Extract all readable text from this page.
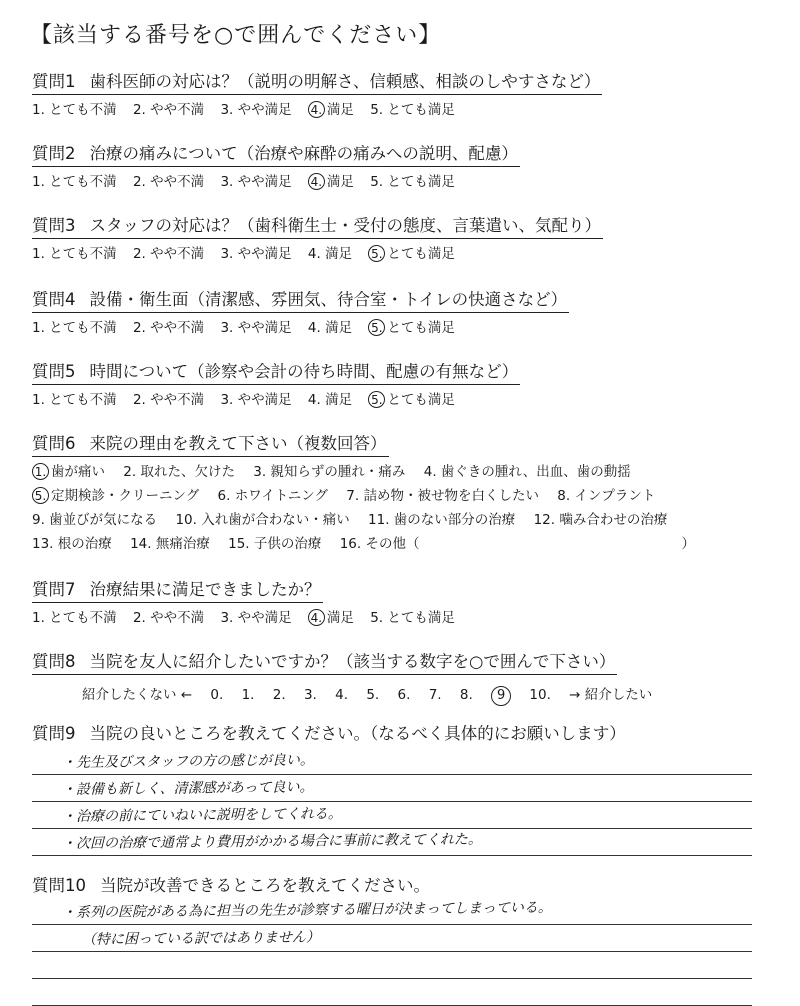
【該当する番号を○で囲んでください】
質問1 歯科医師の対応は？（説明の明解さ、信頼感、相談のしやすさなど）
1. とても不満 2. やや不満 3. やや満足 4. 満足 5. とても満足
質問2 治療の痛みについて（治療や麻酔の痛みへの説明、配慮）
1. とても不満 2. やや不満 3. やや満足 4. 満足 5. とても満足
質問3 スタッフの対応は？（歯科衛生士・受付の態度、言葉遣い、気配り）
1. とても不満 2. やや不満 3. やや満足 4. 満足 5. とても満足
質問4 設備・衛生面（清潔感、雰囲気、待合室・トイレの快適さなど）
1. とても不満 2. やや不満 3. やや満足 4. 満足 5. とても満足
質問5 時間について（診察や会計の待ち時間、配慮の有無など）
1. とても不満 2. やや不満 3. やや満足 4. 満足 5. とても満足
質問6 来院の理由を教えて下さい（複数回答）
1. 歯が痛い 2. 取れた、欠けた 3. 親知らずの腫れ・痛み 4. 歯ぐきの腫れ、出血、歯の動揺
5. 定期検診・クリーニング 6. ホワイトニング 7. 詰め物・被せ物を白くしたい 8. インプラント
9. 歯並びが気になる 10. 入れ歯が合わない・痛い 11. 歯のない部分の治療 12. 噛み合わせの治療
13. 根の治療 14. 無痛治療 15. 子供の治療 16. その他（	）
質問7 治療結果に満足できましたか？
1. とても不満 2. やや不満 3. やや満足 4. 満足 5. とても満足
質問8 当院を友人に紹介したいですか？（該当する数字を○で囲んで下さい）
紹介したくない ← 0. 1. 2. 3. 4. 5. 6. 7. 8. 9 10. → 紹介したい
質問9 当院の良いところを教えてください。（なるべく具体的にお願いします）
・先生及びスタッフの方の感じが良い。
・設備も新しく、清潔感があって良い。
・治療の前にていねいに説明をしてくれる。
・次回の治療で通常より費用がかかる場合に事前に教えてくれた。
質問10 当院が改善できるところを教えてください。
・系列の医院がある為に担当の先生が診察する曜日が決まってしまっている。
（特に困っている訳ではありません）
